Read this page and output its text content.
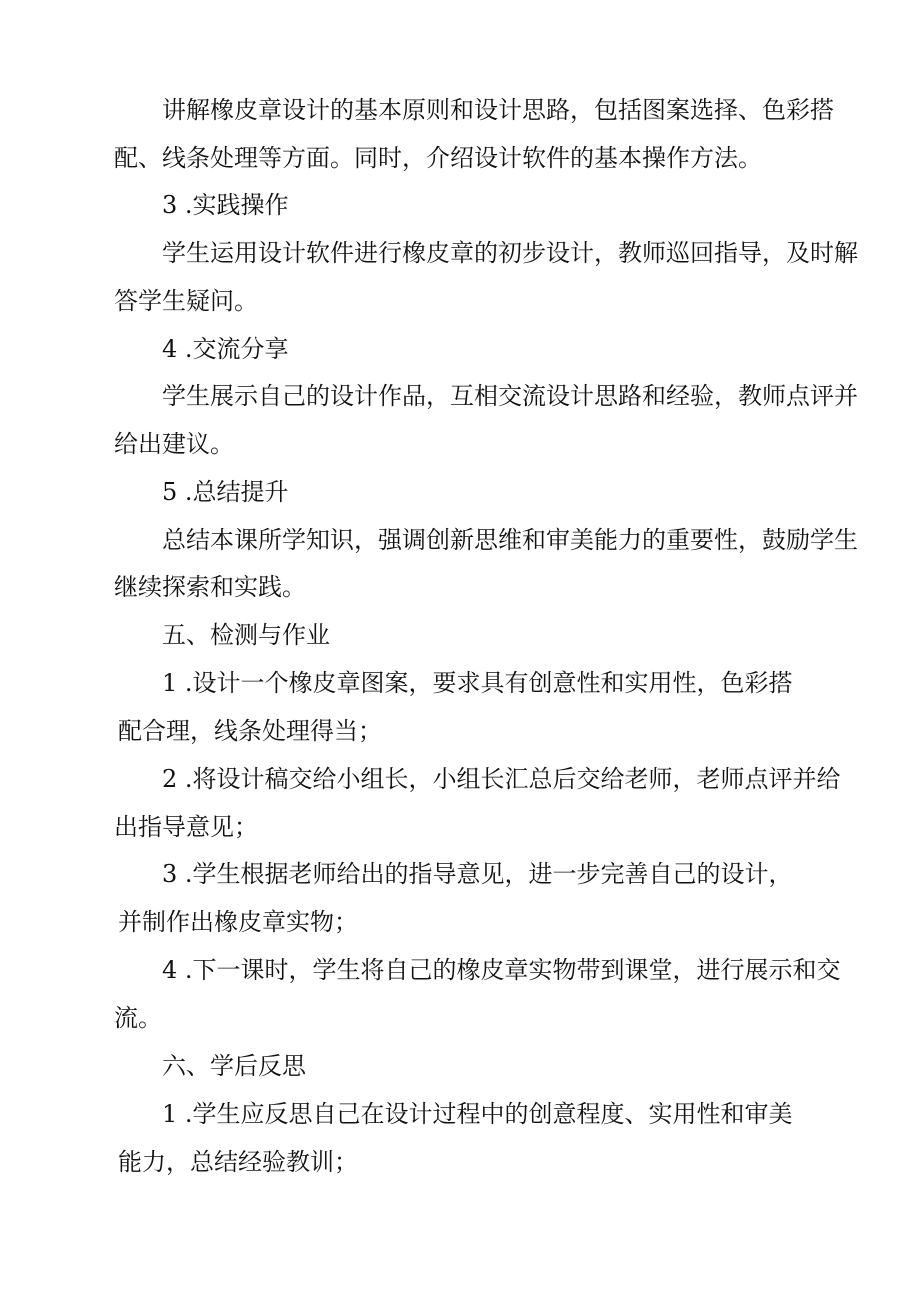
讲解橡皮章设计的基本原则和设计思路，包括图案选择、色彩搭
配、线条处理等方面。同时，介绍设计软件的基本操作方法。
3 .实践操作
学生运用设计软件进行橡皮章的初步设计，教师巡回指导，及时解
答学生疑问。
4 .交流分享
学生展示自己的设计作品，互相交流设计思路和经验，教师点评并
给出建议。
5 .总结提升
总结本课所学知识，强调创新思维和审美能力的重要性，鼓励学生
继续探索和实践。
五、检测与作业
1 .设计一个橡皮章图案，要求具有创意性和实用性，色彩搭
配合理，线条处理得当；
2 .将设计稿交给小组长，小组长汇总后交给老师，老师点评并给
出指导意见；
3 .学生根据老师给出的指导意见，进一步完善自己的设计，
并制作出橡皮章实物；
4 .下一课时，学生将自己的橡皮章实物带到课堂，进行展示和交
流。
六、学后反思
1 .学生应反思自己在设计过程中的创意程度、实用性和审美
能力，总结经验教训；
